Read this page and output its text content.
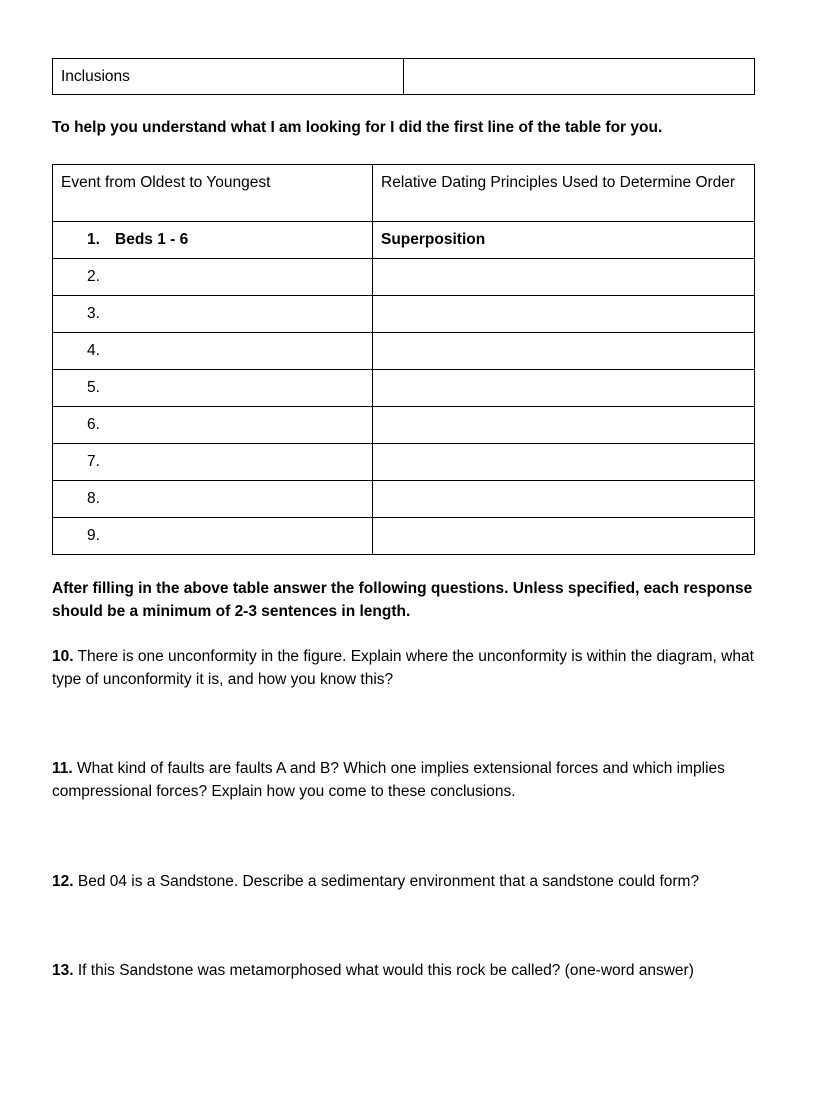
Inclusions	
To help you understand what I am looking for I did the first line of the table for you.
Event from Oldest to Youngest	Relative Dating Principles Used to Determine Order
1. Beds 1 - 6	Superposition
2.	
3.	
4.	
5.	
6.	
7.	
8.	
9.	
After filling in the above table answer the following questions. Unless specified, each response should be a minimum of 2-3 sentences in length.
10. There is one unconformity in the figure. Explain where the unconformity is within the diagram, what type of unconformity it is, and how you know this?
11. What kind of faults are faults A and B? Which one implies extensional forces and which implies compressional forces? Explain how you come to these conclusions.
12. Bed 04 is a Sandstone. Describe a sedimentary environment that a sandstone could form?
13. If this Sandstone was metamorphosed what would this rock be called? (one-word answer)
